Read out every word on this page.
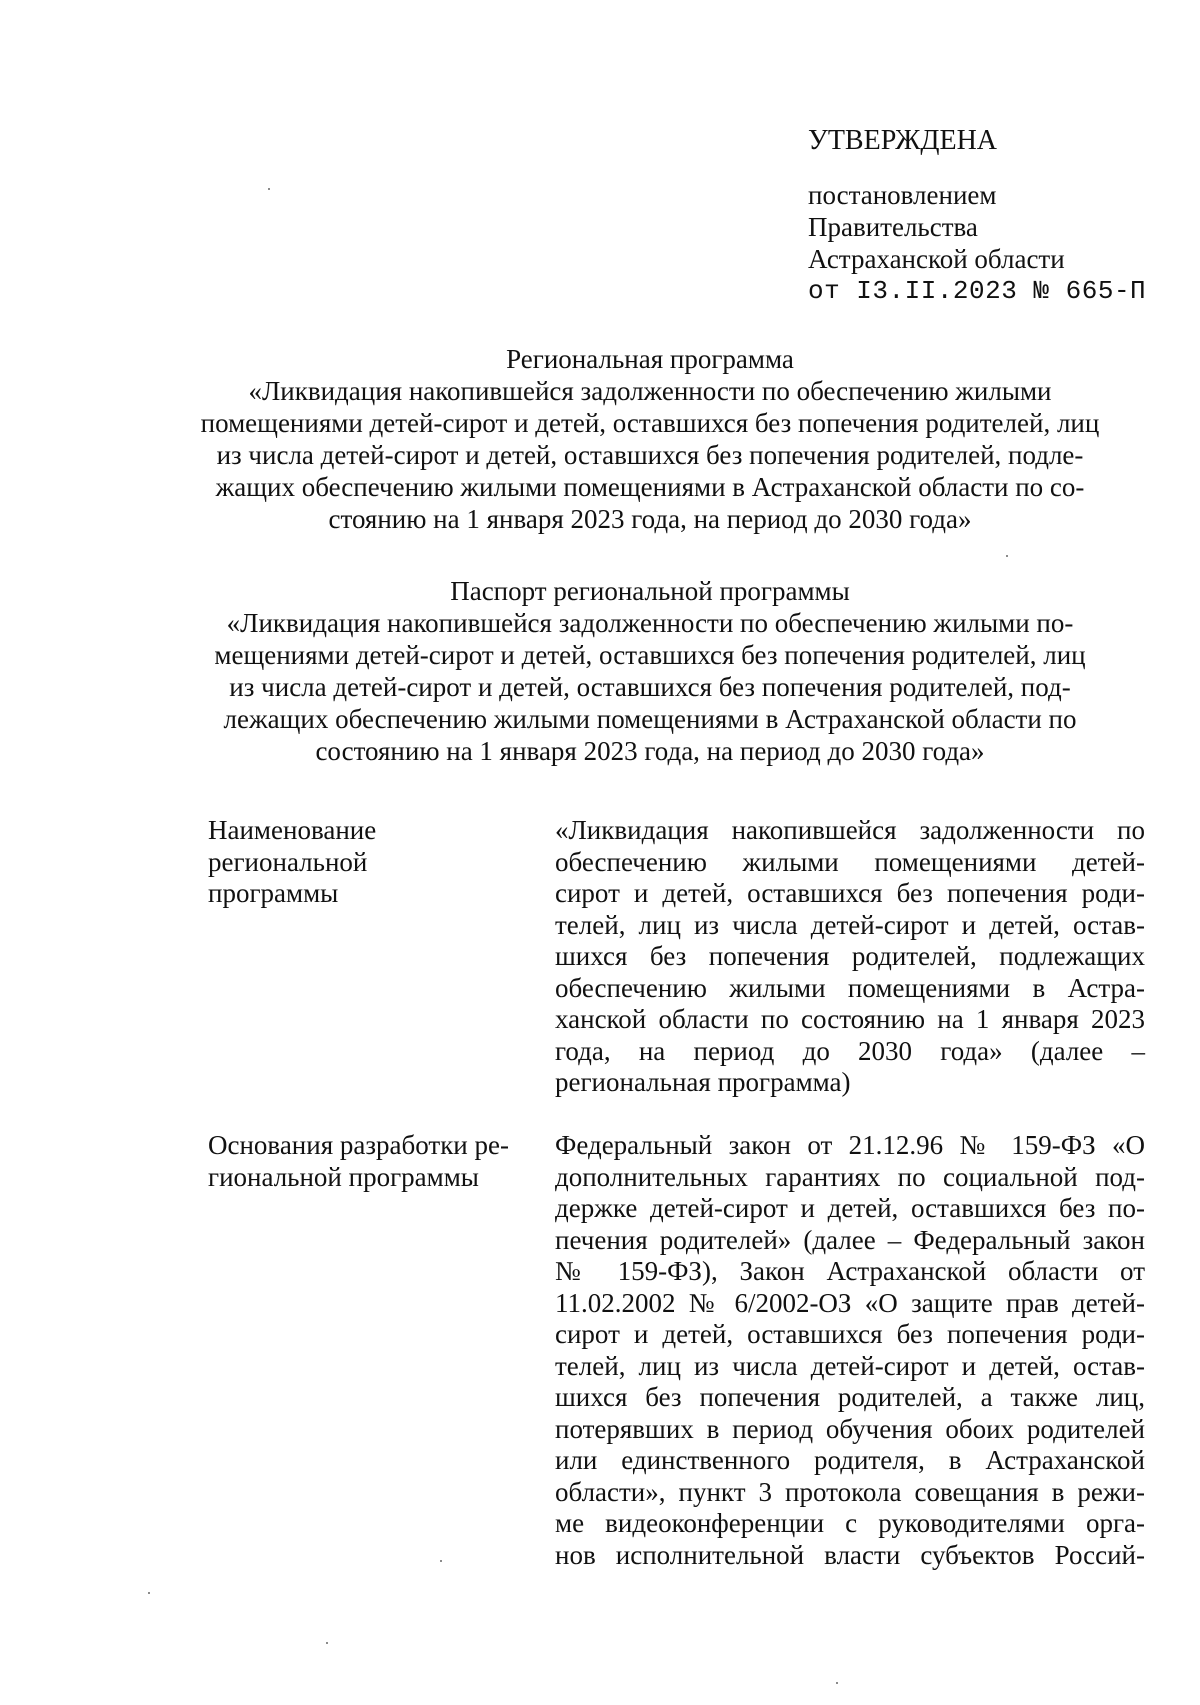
УТВЕРЖДЕНА
постановлением
Правительства
Астраханской области
от I3.II.2023 № 665-П
Региональная программа
«Ликвидация накопившейся задолженности по обеспечению жилыми
помещениями детей-сирот и детей, оставшихся без попечения родителей, лиц
из числа детей-сирот и детей, оставшихся без попечения родителей, подле-
жащих обеспечению жилыми помещениями в Астраханской области по со-
стоянию на 1 января 2023 года, на период до 2030 года»
Паспорт региональной программы
«Ликвидация накопившейся задолженности по обеспечению жилыми по-
мещениями детей-сирот и детей, оставшихся без попечения родителей, лиц
из числа детей-сирот и детей, оставшихся без попечения родителей, под-
лежащих обеспечению жилыми помещениями в Астраханской области по
состоянию на 1 января 2023 года, на период до 2030 года»
Наименование
региональной
программы
«Ликвидация накопившейся задолженности по
обеспечению жилыми помещениями детей-
сирот и детей, оставшихся без попечения роди-
телей, лиц из числа детей-сирот и детей, остав-
шихся без попечения родителей, подлежащих
обеспечению жилыми помещениями в Астра-
ханской области по состоянию на 1 января 2023
года, на период до 2030 года» (далее –
региональная программа)
Основания разработки ре-
гиональной программы
Федеральный закон от 21.12.96 № 159-ФЗ «О
дополнительных гарантиях по социальной под-
держке детей-сирот и детей, оставшихся без по-
печения родителей» (далее – Федеральный закон
№ 159-ФЗ), Закон Астраханской области от
11.02.2002 № 6/2002-ОЗ «О защите прав детей-
сирот и детей, оставшихся без попечения роди-
телей, лиц из числа детей-сирот и детей, остав-
шихся без попечения родителей, а также лиц,
потерявших в период обучения обоих родителей
или единственного родителя, в Астраханской
области», пункт 3 протокола совещания в режи-
ме видеоконференции с руководителями орга-
нов исполнительной власти субъектов Россий-
